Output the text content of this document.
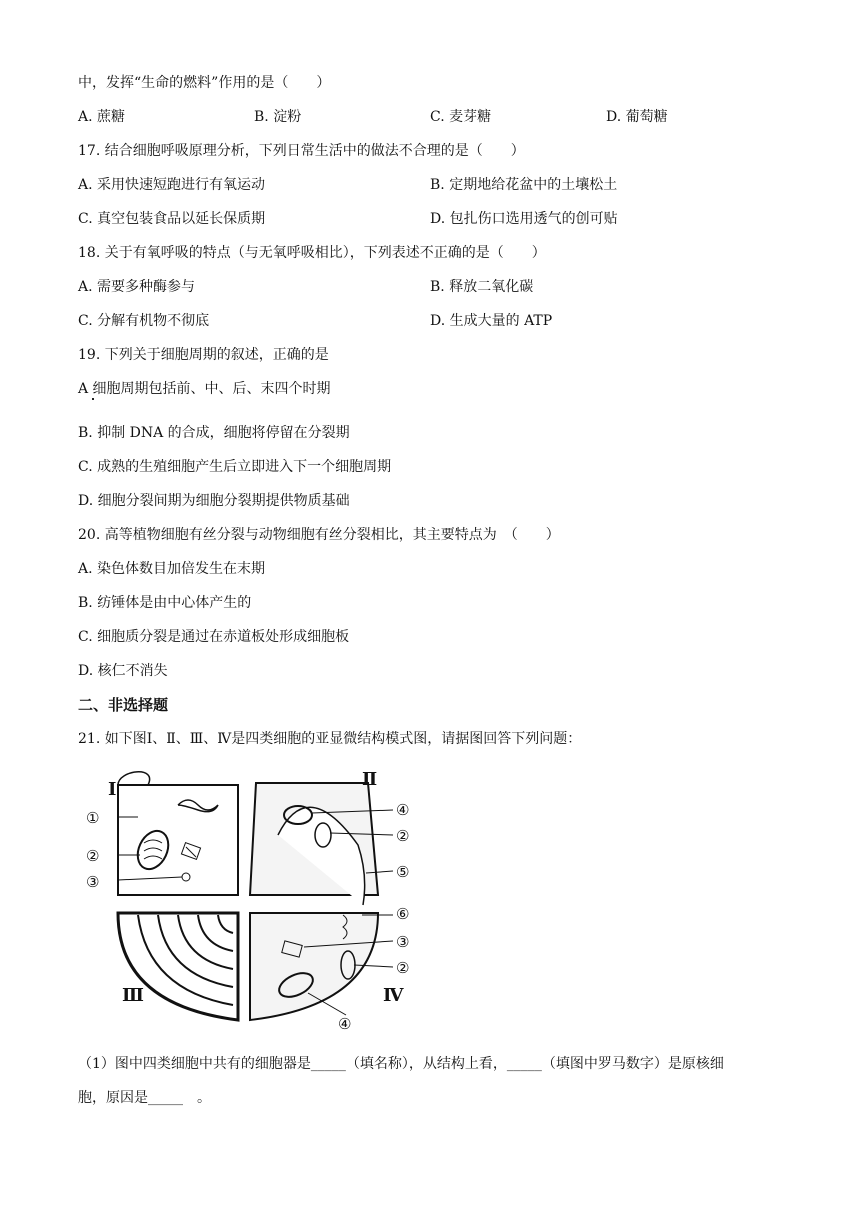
中，发挥“生命的燃料”作用的是（　　）
A. 蔗糖	B. 淀粉	C. 麦芽糖	D. 葡萄糖
17. 结合细胞呼吸原理分析，下列日常生活中的做法不合理的是（　　）
A. 采用快速短跑进行有氧运动	B. 定期地给花盆中的土壤松土
C. 真空包装食品以延长保质期	D. 包扎伤口选用透气的创可贴
18. 关于有氧呼吸的特点（与无氧呼吸相比），下列表述不正确的是（　　）
A. 需要多种酶参与	B. 释放二氧化碳
C. 分解有机物不彻底	D. 生成大量的 ATP
19. 下列关于细胞周期的叙述，正确的是
A 细胞周期包括前、中、后、末四个时期
B. 抑制 DNA 的合成，细胞将停留在分裂期
C. 成熟的生殖细胞产生后立即进入下一个细胞周期
D. 细胞分裂间期为细胞分裂期提供物质基础
20. 高等植物细胞有丝分裂与动物细胞有丝分裂相比，其主要特点为　（　　）
A. 染色体数目加倍发生在末期
B. 纺锤体是由中心体产生的
C. 细胞质分裂是通过在赤道板处形成细胞板
D. 核仁不消失
二、非选择题
21. 如下图Ⅰ、Ⅱ、Ⅲ、Ⅳ是四类细胞的亚显微结构模式图，请据图回答下列问题：
Ⅰ
①
②
③
Ⅱ
④
②
⑤
Ⅲ	Ⅳ
⑥
③
②
④
（1）图中四类细胞中共有的细胞器是_____（填名称），从结构上看，_____（填图中罗马数字）是原核细
胞，原因是_____　。
